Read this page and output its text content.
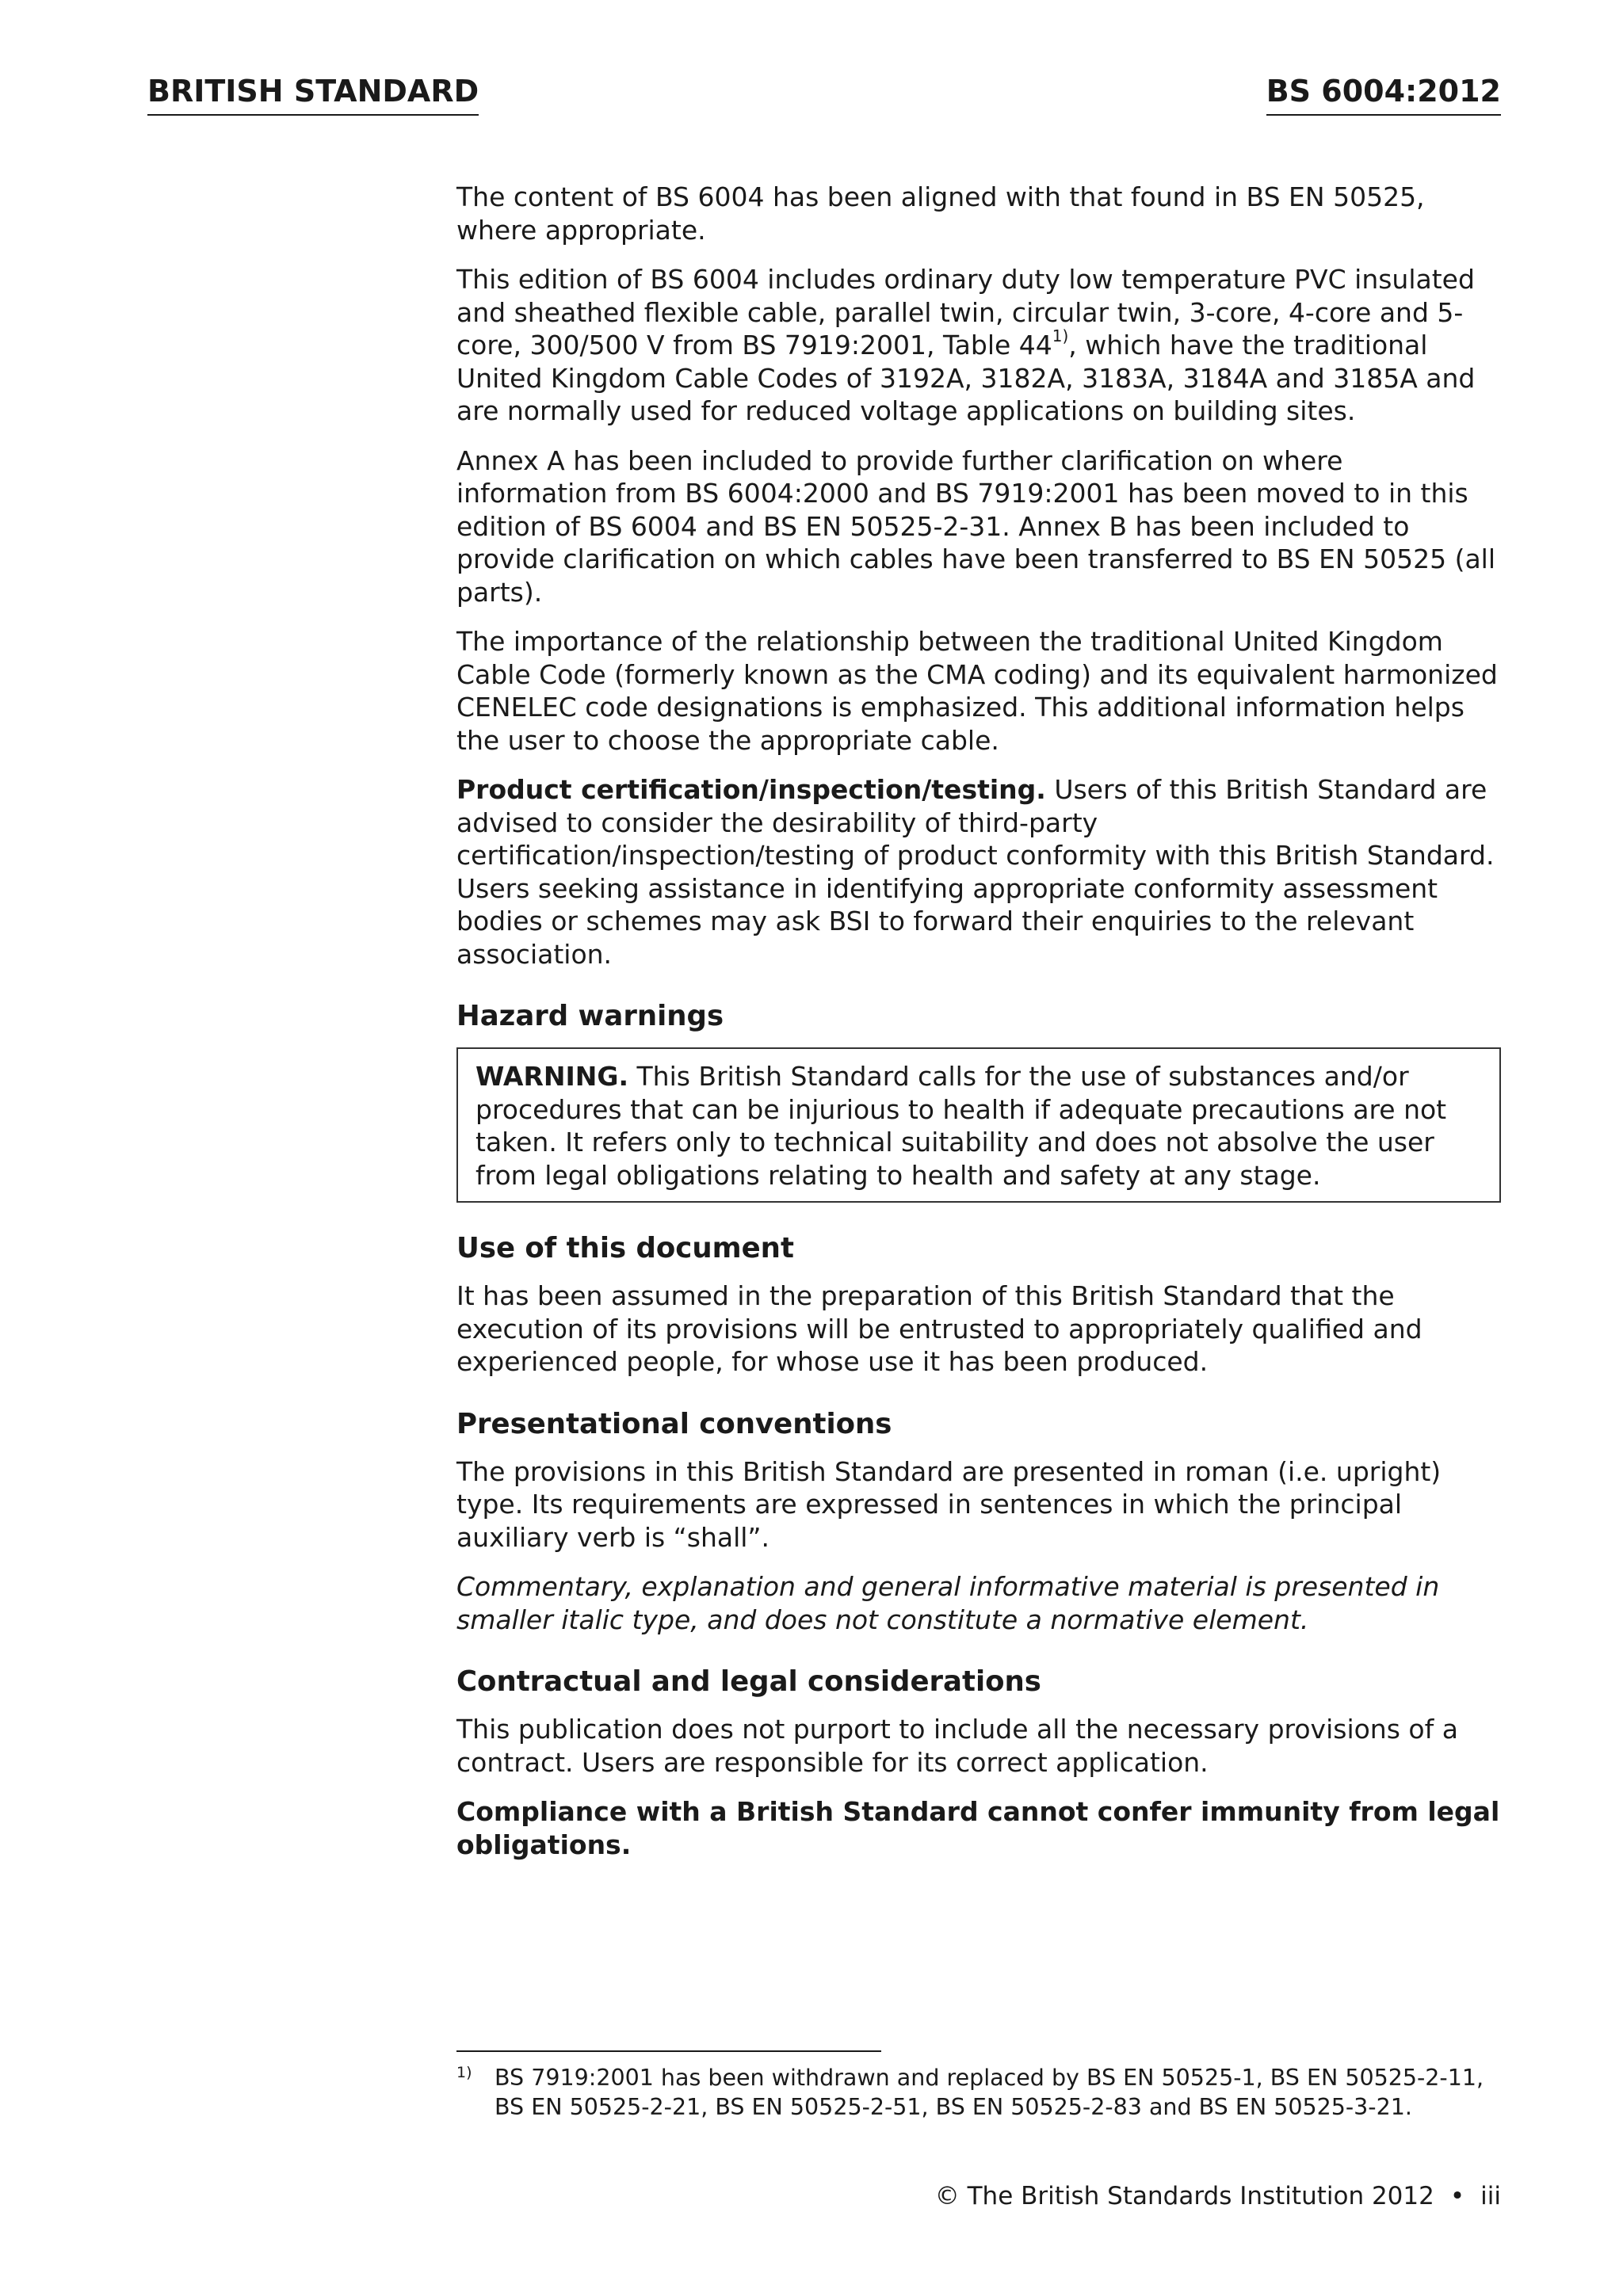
BRITISH STANDARD	BS 6004:2012

The content of BS 6004 has been aligned with that found in BS EN 50525, where appropriate.

This edition of BS 6004 includes ordinary duty low temperature PVC insulated and sheathed flexible cable, parallel twin, circular twin, 3-core, 4-core and 5-core, 300/500 V from BS 7919:2001, Table 44$^{1)}$, which have the traditional United Kingdom Cable Codes of 3192A, 3182A, 3183A, 3184A and 3185A and are normally used for reduced voltage applications on building sites.

Annex A has been included to provide further clarification on where information from BS 6004:2000 and BS 7919:2001 has been moved to in this edition of BS 6004 and BS EN 50525-2-31. Annex B has been included to provide clarification on which cables have been transferred to BS EN 50525 (all parts).

The importance of the relationship between the traditional United Kingdom Cable Code (formerly known as the CMA coding) and its equivalent harmonized CENELEC code designations is emphasized. This additional information helps the user to choose the appropriate cable.

Product certification/inspection/testing. Users of this British Standard are advised to consider the desirability of third-party certification/inspection/testing of product conformity with this British Standard. Users seeking assistance in identifying appropriate conformity assessment bodies or schemes may ask BSI to forward their enquiries to the relevant association.

Hazard warnings

WARNING. This British Standard calls for the use of substances and/or procedures that can be injurious to health if adequate precautions are not taken. It refers only to technical suitability and does not absolve the user from legal obligations relating to health and safety at any stage.

Use of this document

It has been assumed in the preparation of this British Standard that the execution of its provisions will be entrusted to appropriately qualified and experienced people, for whose use it has been produced.

Presentational conventions

The provisions in this British Standard are presented in roman (i.e. upright) type. Its requirements are expressed in sentences in which the principal auxiliary verb is “shall”.

Commentary, explanation and general informative material is presented in smaller italic type, and does not constitute a normative element.

Contractual and legal considerations

This publication does not purport to include all the necessary provisions of a contract. Users are responsible for its correct application.

Compliance with a British Standard cannot confer immunity from legal obligations.

1) BS 7919:2001 has been withdrawn and replaced by BS EN 50525-1, BS EN 50525-2-11, BS EN 50525-2-21, BS EN 50525-2-51, BS EN 50525-2-83 and BS EN 50525-3-21.
© The British Standards Institution 2012 • iii
